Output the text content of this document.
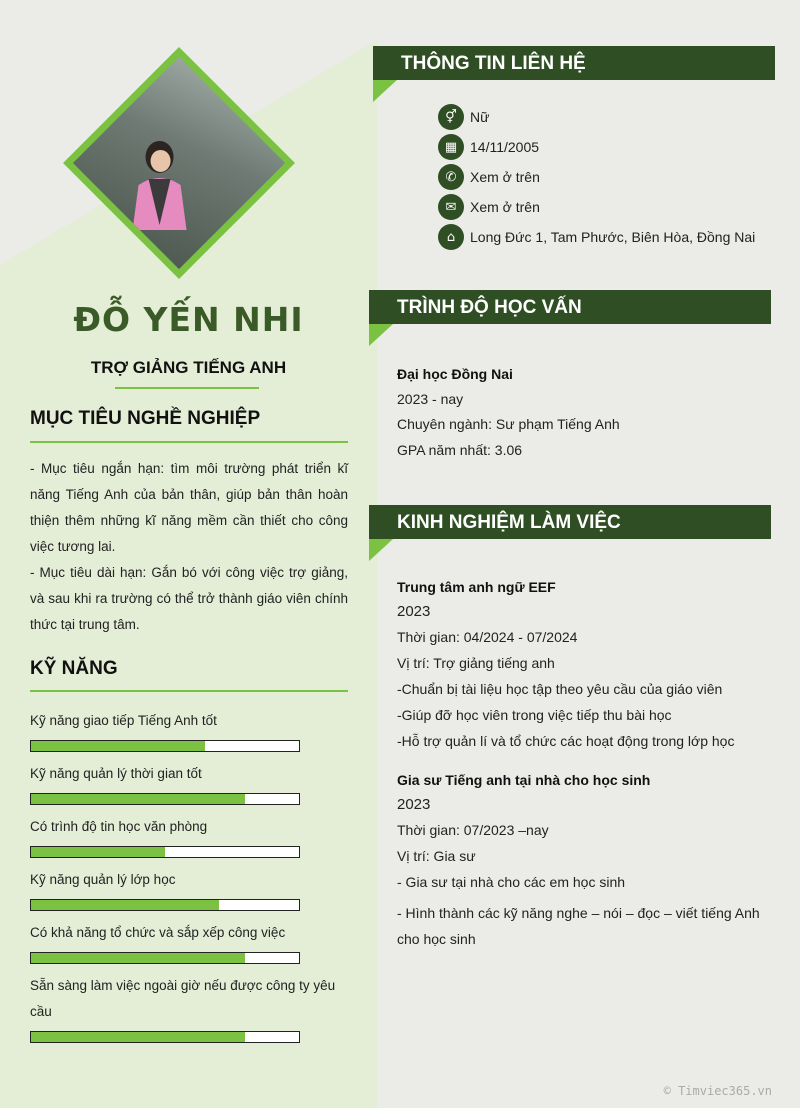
ĐỖ YẾN NHI
TRỢ GIẢNG TIẾNG ANH
MỤC TIÊU NGHỀ NGHIỆP

- Mục tiêu ngắn hạn: tìm môi trường phát triển kĩ năng Tiếng Anh của bản thân, giúp bản thân hoàn thiện thêm những kĩ năng mềm cần thiết cho công việc tương lai.

- Mục tiêu dài hạn: Gắn bó với công việc trợ giảng, và sau khi ra trường có thể trở thành giáo viên chính thức tại trung tâm.

KỸ NĂNG
Kỹ năng giao tiếp Tiếng Anh tốt
Kỹ năng quản lý thời gian tốt
Có trình độ tin học văn phòng
Kỹ năng quản lý lớp học
Có khả năng tổ chức và sắp xếp công việc
Sẵn sàng làm việc ngoài giờ nếu được công ty yêu cầu
THÔNG TIN LIÊN HỆ
⚥ Nữ
▦ 14/11/2005
✆ Xem ở trên
✉ Xem ở trên
⌂	Long Đức 1, Tam Phước, Biên Hòa, Đồng Nai
TRÌNH ĐỘ HỌC VẤN
Đại học Đồng Nai
2023 - nay
Chuyên ngành: Sư phạm Tiếng Anh
GPA năm nhất: 3.06
KINH NGHIỆM LÀM VIỆC
Trung tâm anh ngữ EEF
2023
Thời gian: 04/2024 - 07/2024
Vị trí: Trợ giảng tiếng anh
-Chuẩn bị tài liệu học tập theo yêu cầu của giáo viên
-Giúp đỡ học viên trong việc tiếp thu bài học
-Hỗ trợ quản lí và tổ chức các hoạt động trong lớp học
Gia sư Tiếng anh tại nhà cho học sinh
2023
Thời gian: 07/2023 –nay
Vị trí: Gia sư
- Gia sư tại nhà cho các em học sinh
- Hình thành các kỹ năng nghe – nói – đọc – viết tiếng Anh cho học sinh
© Timviec365.vn
